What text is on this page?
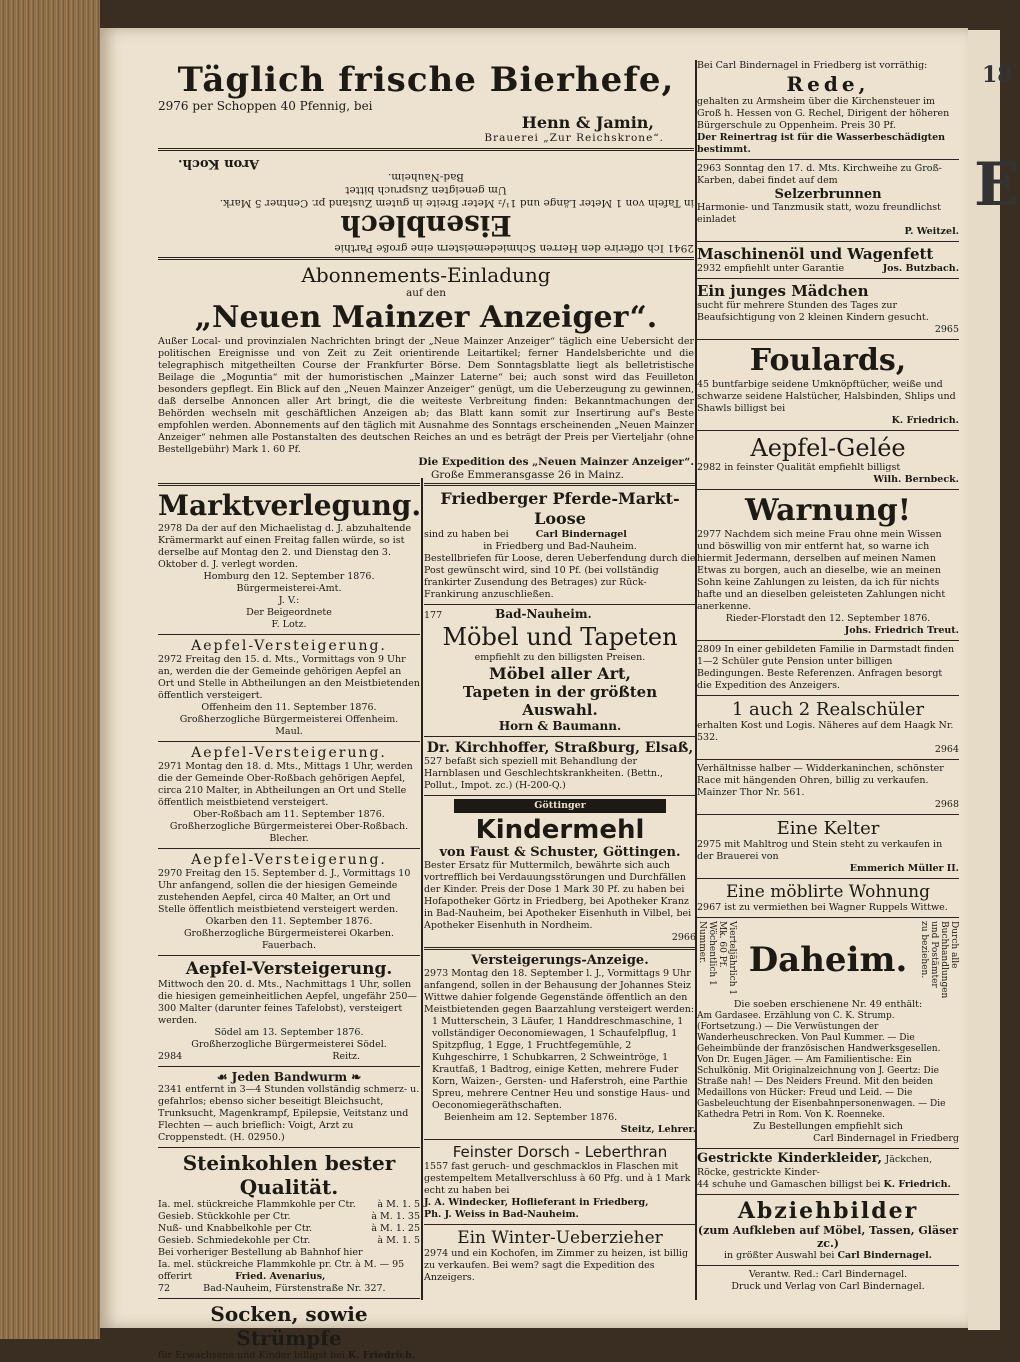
18
E

Täglich frische Bierhefe,

2976 per Schoppen 40 Pfennig, bei

Henn & Jamin,

Brauerei „Zur Reichskrone“.

2941 Ich offerire den Herren Schmiedemeistern eine große Parthie

Eisenblech

in Tafeln von 1 Meter Länge und 1¹/₂ Meter Breite in gutem Zustand pr. Centner 5 Mark.

Um geneigten Zuspruch bittet

Bad-Nauheim.

Aron Koch.

Abonnements-Einladung

auf den

„Neuen Mainzer Anzeiger“.

Außer Local- und provinzialen Nachrichten bringt der „Neue Mainzer Anzeiger“ täglich eine Uebersicht der politischen Ereignisse und von Zeit zu Zeit orientirende Leitartikel; ferner Handelsberichte und die telegraphisch mitgetheilten Course der Frankfurter Börse. Dem Sonntagsblatte liegt als belletristische Beilage die „Moguntia“ mit der humoristischen „Mainzer Laterne“ bei; auch sonst wird das Feuilleton besonders gepflegt. Ein Blick auf den „Neuen Mainzer Anzeiger“ genügt, um die Ueberzeugung zu gewinnen, daß derselbe Annoncen aller Art bringt, die die weiteste Verbreitung finden: Bekanntmachungen der Behörden wechseln mit geschäftlichen Anzeigen ab; das Blatt kann somit zur Insertirung auf's Beste empfohlen werden. Abonnements auf den täglich mit Ausnahme des Sonntags erscheinenden „Neuen Mainzer Anzeiger“ nehmen alle Postanstalten des deutschen Reiches an und es beträgt der Preis per Vierteljahr (ohne Bestellgebühr) Mark 1. 60 Pf.

Die Expedition des „Neuen Mainzer Anzeiger“.

Große Emmeransgasse 26 in Mainz.

Marktverlegung.

2978 Da der auf den Michaelistag d. J. abzuhaltende Krämermarkt auf einen Freitag fallen würde, so ist derselbe auf Montag den 2. und Dienstag den 3. Oktober d. J. verlegt worden.

Homburg den 12. September 1876.

Bürgermeisterei-Amt.

J. V.:

Der Beigeordnete

F. Lotz.

Aepfel-Versteigerung.

2972 Freitag den 15. d. Mts., Vormittags von 9 Uhr an, werden die der Gemeinde gehörigen Aepfel an Ort und Stelle in Abtheilungen an den Meistbietenden öffentlich versteigert.

Offenheim den 11. September 1876.

Großherzogliche Bürgermeisterei Offenheim.

Maul.

Aepfel-Versteigerung.

2971 Montag den 18. d. Mts., Mittags 1 Uhr, werden die der Gemeinde Ober-Roßbach gehörigen Aepfel, circa 210 Malter, in Abtheilungen an Ort und Stelle öffentlich meistbietend versteigert.

Ober-Roßbach am 11. September 1876.

Großherzogliche Bürgermeisterei Ober-Roßbach.

Blecher.

Aepfel-Versteigerung.

2970 Freitag den 15. September d. J., Vormittags 10 Uhr anfangend, sollen die der hiesigen Gemeinde zustehenden Aepfel, circa 40 Malter, an Ort und Stelle öffentlich meistbietend versteigert werden.

Okarben den 11. September 1876.

Großherzogliche Bürgermeisterei Okarben.

Fauerbach.

Aepfel-Versteigerung.

Mittwoch den 20. d. Mts., Nachmittags 1 Uhr, sollen die hiesigen gemeinheitlichen Aepfel, ungefähr 250—300 Malter (darunter feines Tafelobst), versteigert werden.

Södel am 13. September 1876.

Großherzogliche Bürgermeisterei Södel.

2984	Reitz.

☙ Jeden Bandwurm ❧

2341 entfernt in 3—4 Stunden vollständig schmerz- u. gefahrlos; ebenso sicher beseitigt Bleichsucht, Trunksucht, Magenkrampf, Epilepsie, Veitstanz und Flechten — auch brieflich: Voigt, Arzt zu Croppenstedt. (H. 02950.)

Steinkohlen bester Qualität.

Ia. mel. stückreiche Flammkohle per Ctr. à M. 1. 5

Gesieb. Stückkohle per Ctr.	à M. 1. 35

Nuß- und Knabbelkohle per Ctr.	à M. 1. 25

Gesieb. Schmiedekohle per Ctr.	à M. 1. 5

Bei vorheriger Bestellung ab Bahnhof hier

Ia. mel. stückreiche Flammkohle pr. Ctr. à M. — 95

offerirt	Fried. Avenarius,

72	Bad-Nauheim, Fürstenstraße Nr. 327.

Socken, sowie Strümpfe

für Erwachsene und Kinder billigst bei K. Friedrich.

Friedberger Pferde-Markt-Loose

sind zu haben bei	Carl Bindernagel

in Friedberg und Bad-Nauheim.

Bestellbriefen für Loose, deren Ueberfendung durch die Post gewünscht wird, sind 10 Pf. (bei vollständig frankirter Zusendung des Betrages) zur Rück-Frankirung anzuschließen.

177	Bad-Nauheim.

Möbel und Tapeten

empfiehlt zu den billigsten Preisen.

Möbel aller Art,

Tapeten in der größten Auswahl.

Horn & Baumann.

Dr. Kirchhoffer, Straßburg, Elsaß,

527 befaßt sich speziell mit Behandlung der Harnblasen und Geschlechtskrankheiten. (Bettn., Pollut., Impot. zc.) (H-200-Q.)

Göttinger

Kindermehl

von Faust & Schuster, Göttingen.

Bester Ersatz für Muttermilch, bewährte sich auch vortrefflich bei Verdauungsstörungen und Durchfällen der Kinder. Preis der Dose 1 Mark 30 Pf. zu haben bei Hofapotheker Görtz in Friedberg, bei Apotheker Kranz in Bad-Nauheim, bei Apotheker Eisenhuth in Vilbel, bei Apotheker Eisenhuth in Nordheim.

2966

Versteigerungs-Anzeige.

2973 Montag den 18. September l. J., Vormittags 9 Uhr anfangend, sollen in der Behausung der Johannes Steiz Wittwe dahier folgende Gegenstände öffentlich an den Meistbietenden gegen Baarzahlung versteigert werden:

1 Mutterschein, 3 Läufer, 1 Handdreschmaschine, 1 vollständiger Oeconomiewagen, 1 Schaufelpflug, 1 Spitzpflug, 1 Egge, 1 Fruchtfegemühle, 2 Kuhgeschirre, 1 Schubkarren, 2 Schweintröge, 1 Krautfaß, 1 Badtrog, einige Ketten, mehrere Fuder Korn, Waizen-, Gersten- und Haferstroh, eine Parthie Spreu, mehrere Centner Heu und sonstige Haus- und Oeconomiegeräthschaften.

Beienheim am 12. September 1876.

Steitz, Lehrer.

Feinster Dorsch - Leberthran

1557 fast geruch- und geschmacklos in Flaschen mit gestempeltem Metallverschluss à 60 Pfg. und à 1 Mark echt zu haben bei

J. A. Windecker, Hoflieferant in Friedberg,

Ph. J. Weiss in Bad-Nauheim.

Ein Winter-Ueberzieher

2974 und ein Kochofen, im Zimmer zu heizen, ist billig zu verkaufen. Bei wem? sagt die Expedition des Anzeigers.

Bei Carl Bindernagel in Friedberg ist vorräthig:

Rede,

gehalten zu Armsheim über die Kirchensteuer im Groß h. Hessen von G. Rechel, Dirigent der höheren Bürgerschule zu Oppenheim. Preis 30 Pf.

Der Reinertrag ist für die Wasserbeschädigten bestimmt.

2963 Sonntag den 17. d. Mts. Kirchweihe zu Groß-Karben, dabei findet auf dem

Selzerbrunnen

Harmonie- und Tanzmusik statt, wozu freundlichst einladet

P. Weitzel.

Maschinenöl und Wagenfett

2932 empfiehlt unter Garantie	Jos. Butzbach.

Ein junges Mädchen

sucht für mehrere Stunden des Tages zur Beaufsichtigung von 2 kleinen Kindern gesucht.

2965

Foulards,

45 buntfarbige seidene Umknöpftücher, weiße und schwarze seidene Halstücher, Halsbinden, Shlips und Shawls billigst bei

K. Friedrich.

Aepfel-Gelée

2982 in feinster Qualität empfiehlt billigst

Wilh. Bernbeck.

Warnung!

2977 Nachdem sich meine Frau ohne mein Wissen und böswillig von mir entfernt hat, so warne ich hiermit Jedermann, derselben auf meinen Namen Etwas zu borgen, auch an dieselbe, wie an meinen Sohn keine Zahlungen zu leisten, da ich für nichts hafte und an dieselben geleisteten Zahlungen nicht anerkenne.

Rieder-Florstadt den 12. September 1876.

Johs. Friedrich Treut.

2809 In einer gebildeten Familie in Darmstadt finden 1—2 Schüler gute Pension unter billigen Bedingungen. Beste Referenzen. Anfragen besorgt die Expedition des Anzeigers.

1 auch 2 Realschüler

erhalten Kost und Logis. Näheres auf dem Haagk Nr. 532.

2964

Verhältnisse halber — Widderkaninchen, schönster Race mit hängenden Ohren, billig zu verkaufen. Mainzer Thor Nr. 561.

2968

Eine Kelter

2975 mit Mahltrog und Stein steht zu verkaufen in der Brauerei von

Emmerich Müller II.

Eine möblirte Wohnung

2967 ist zu vermiethen bei Wagner Ruppels Wittwe.

Vierteljährlich 1 Mk. 60 Pf. Wöchentlich 1 Nummer.	Durch alle Buchhandlungen und Postämter zu beziehen.

Daheim.

Die soeben erschienene Nr. 49 enthält:

Am Gardasee. Erzählung von C. K. Strump. (Fortsetzung.) — Die Verwüstungen der Wanderheuschrecken. Von Paul Kummer. — Die Geheimbünde der französischen Handwerksgesellen. Von Dr. Eugen Jäger. — Am Familientische: Ein Schulkönig. Mit Originalzeichnung von J. Geertz: Die Straße nah! — Des Neiders Freund. Mit den beiden Medaillons von Hücker: Freud und Leid. — Die Gasbeleuchtung der Eisenbahnpersonenwagen. — Die Kathedra Petri in Rom. Von K. Roenneke.

Zu Bestellungen empfiehlt sich

Carl Bindernagel in Friedberg

Gestrickte Kinderkleider, Jäckchen, Röcke, gestrickte Kinder-

44 schuhe und Gamaschen billigst bei K. Friedrich.

Abziehbilder

(zum Aufkleben auf Möbel, Tassen, Gläser zc.)

in größter Auswahl bei Carl Bindernagel.

Verantw. Red.: Carl Bindernagel.

Druck und Verlag von Carl Bindernagel.
